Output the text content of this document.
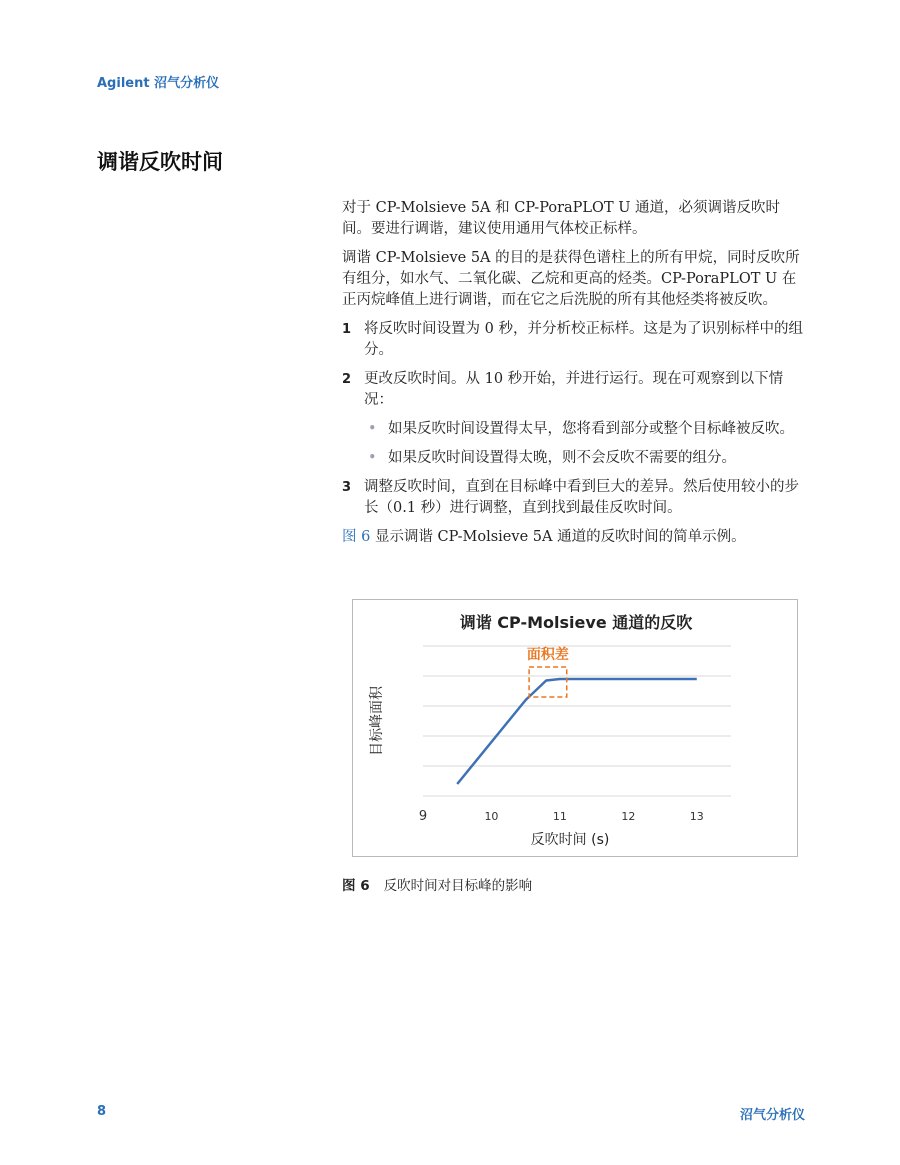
Agilent 沼气分析仪
调谐反吹时间

对于 CP-Molsieve 5A 和 CP-PoraPLOT U 通道，必须调谐反吹时间。要进行调谐，建议使用通用气体校正标样。

调谐 CP-Molsieve 5A 的目的是获得色谱柱上的所有甲烷，同时反吹所有组分，如水气、二氧化碳、乙烷和更高的烃类。CP-PoraPLOT U 在正丙烷峰值上进行调谐，而在它之后洗脱的所有其他烃类将被反吹。

1 将反吹时间设置为 0 秒，并分析校正标样。这是为了识别标样中的组分。
2 更改反吹时间。从 10 秒开始，并进行运行。现在可观察到以下情况：
• 如果反吹时间设置得太早，您将看到部分或整个目标峰被反吹。
• 如果反吹时间设置得太晚，则不会反吹不需要的组分。
3 调整反吹时间，直到在目标峰中看到巨大的差异。然后使用较小的步长（0.1 秒）进行调整，直到找到最佳反吹时间。

图 6 显示调谐 CP-Molsieve 5A 通道的反吹时间的简单示例。

调谐 CP-Molsieve 通道的反吹
9	10	11	12	13
反吹时间 (s)
目标峰面积
面积差
图 6 反吹时间对目标峰的影响
8	沼气分析仪
